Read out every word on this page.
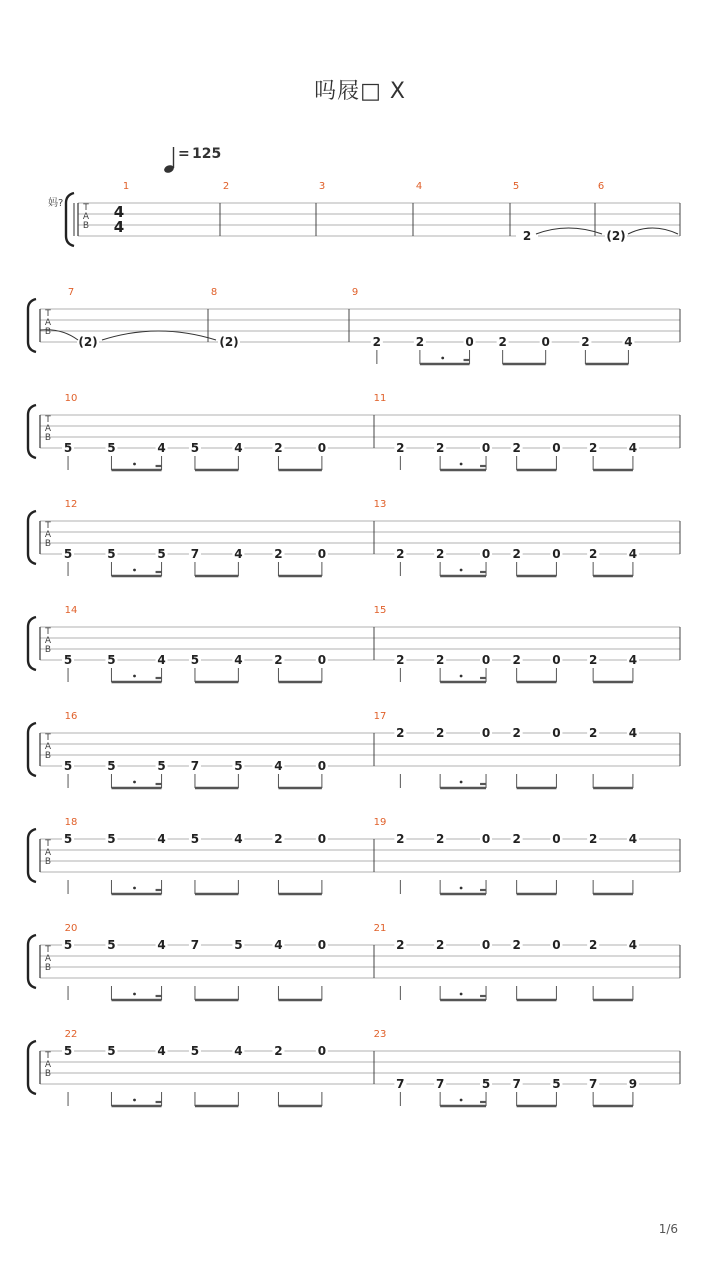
吗屐□ X
= 125
妈? T
A
B
4
4
1	2	3	4	5
2
6
(2)
T
A
B
7
(2)
8
(2)
9
2	2	0 2	0	2	4
T
A
B
10
5	5	4 5	4	2	0
11
2	2	0 2	0 2	4
T
A
B
12
5	5	5 7	4	2	0
13
2	2	0 2	0 2	4
T
A
B
14
5	5	4 5	4	2	0
15
2	2	0 2	0 2	4
T
A
B
16
5	5	5 7	5	4	0
17
2	2	0 2	0 2	4
T
A
B
18
5	5	4 5	4	2	0
19
2	2	0 2	0 2	4
T
A
B
20
5	5	4 7	5	4	0
21
2	2	0 2	0 2	4
T
A
B
22
5	5	4 5	4	2	0
23
7	7	5 7	5 7	9
1/6
